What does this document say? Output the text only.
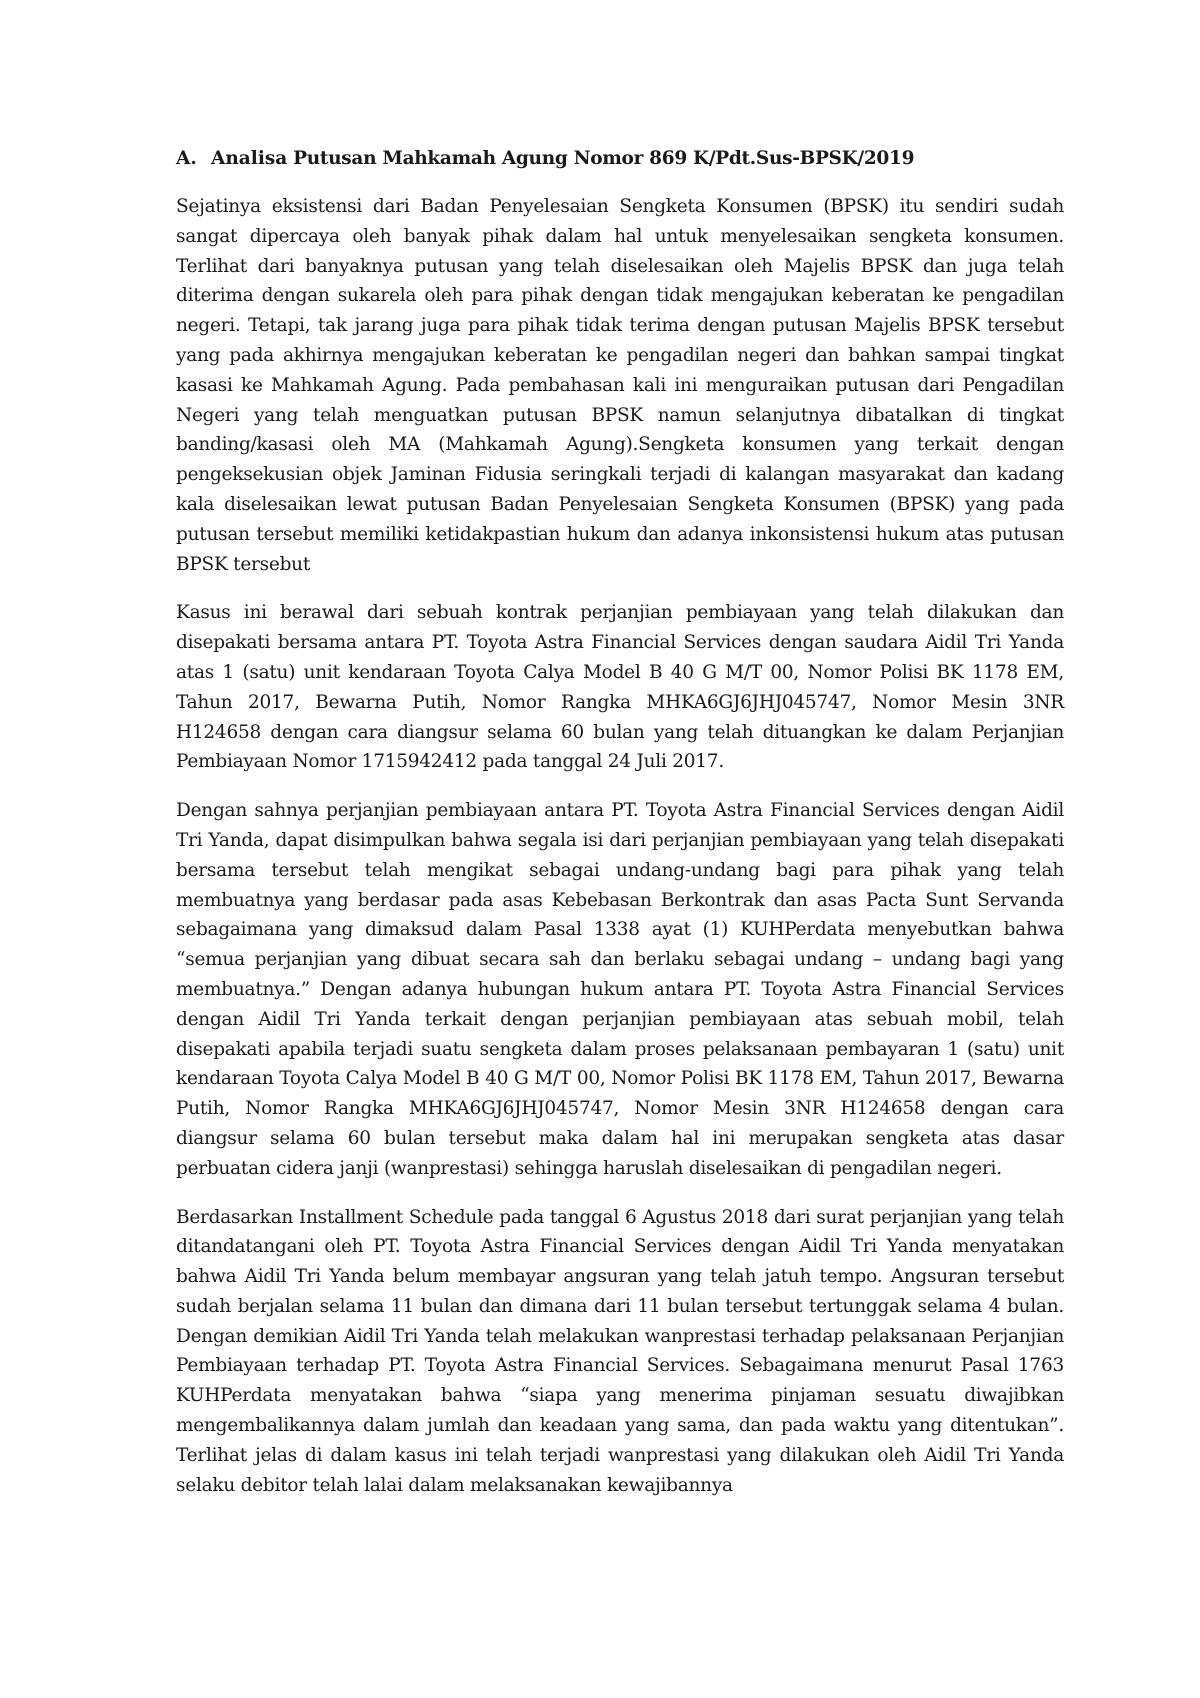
A. Analisa Putusan Mahkamah Agung Nomor 869 K/Pdt.Sus-BPSK/2019

Sejatinya eksistensi dari Badan Penyelesaian Sengketa Konsumen (BPSK) itu sendiri sudah sangat dipercaya oleh banyak pihak dalam hal untuk menyelesaikan sengketa konsumen. Terlihat dari banyaknya putusan yang telah diselesaikan oleh Majelis BPSK dan juga telah diterima dengan sukarela oleh para pihak dengan tidak mengajukan keberatan ke pengadilan negeri. Tetapi, tak jarang juga para pihak tidak terima dengan putusan Majelis BPSK tersebut yang pada akhirnya mengajukan keberatan ke pengadilan negeri dan bahkan sampai tingkat kasasi ke Mahkamah Agung. Pada pembahasan kali ini menguraikan putusan dari Pengadilan Negeri yang telah menguatkan putusan BPSK namun selanjutnya dibatalkan di tingkat banding/kasasi oleh MA (Mahkamah Agung).Sengketa konsumen yang terkait dengan pengeksekusian objek Jaminan Fidusia seringkali terjadi di kalangan masyarakat dan kadang kala diselesaikan lewat putusan Badan Penyelesaian Sengketa Konsumen (BPSK) yang pada putusan tersebut memiliki ketidakpastian hukum dan adanya inkonsistensi hukum atas putusan BPSK tersebut

Kasus ini berawal dari sebuah kontrak perjanjian pembiayaan yang telah dilakukan dan disepakati bersama antara PT. Toyota Astra Financial Services dengan saudara Aidil Tri Yanda atas 1 (satu) unit kendaraan Toyota Calya Model B 40 G M/T 00, Nomor Polisi BK 1178 EM, Tahun 2017, Bewarna Putih, Nomor Rangka MHKA6GJ6JHJ045747, Nomor Mesin 3NR H124658 dengan cara diangsur selama 60 bulan yang telah dituangkan ke dalam Perjanjian Pembiayaan Nomor 1715942412 pada tanggal 24 Juli 2017.

Dengan sahnya perjanjian pembiayaan antara PT. Toyota Astra Financial Services dengan Aidil Tri Yanda, dapat disimpulkan bahwa segala isi dari perjanjian pembiayaan yang telah disepakati bersama tersebut telah mengikat sebagai undang-undang bagi para pihak yang telah membuatnya yang berdasar pada asas Kebebasan Berkontrak dan asas Pacta Sunt Servanda sebagaimana yang dimaksud dalam Pasal 1338 ayat (1) KUHPerdata menyebutkan bahwa “semua perjanjian yang dibuat secara sah dan berlaku sebagai undang – undang bagi yang membuatnya.” Dengan adanya hubungan hukum antara PT. Toyota Astra Financial Services dengan Aidil Tri Yanda terkait dengan perjanjian pembiayaan atas sebuah mobil, telah disepakati apabila terjadi suatu sengketa dalam proses pelaksanaan pembayaran 1 (satu) unit kendaraan Toyota Calya Model B 40 G M/T 00, Nomor Polisi BK 1178 EM, Tahun 2017, Bewarna Putih, Nomor Rangka MHKA6GJ6JHJ045747, Nomor Mesin 3NR H124658 dengan cara diangsur selama 60 bulan tersebut maka dalam hal ini merupakan sengketa atas dasar perbuatan cidera janji (wanprestasi) sehingga haruslah diselesaikan di pengadilan negeri.

Berdasarkan Installment Schedule pada tanggal 6 Agustus 2018 dari surat perjanjian yang telah ditandatangani oleh PT. Toyota Astra Financial Services dengan Aidil Tri Yanda menyatakan bahwa Aidil Tri Yanda belum membayar angsuran yang telah jatuh tempo. Angsuran tersebut sudah berjalan selama 11 bulan dan dimana dari 11 bulan tersebut tertunggak selama 4 bulan. Dengan demikian Aidil Tri Yanda telah melakukan wanprestasi terhadap pelaksanaan Perjanjian Pembiayaan terhadap PT. Toyota Astra Financial Services. Sebagaimana menurut Pasal 1763 KUHPerdata menyatakan bahwa “siapa yang menerima pinjaman sesuatu diwajibkan mengembalikannya dalam jumlah dan keadaan yang sama, dan pada waktu yang ditentukan”. Terlihat jelas di dalam kasus ini telah terjadi wanprestasi yang dilakukan oleh Aidil Tri Yanda selaku debitor telah lalai dalam melaksanakan kewajibannya
